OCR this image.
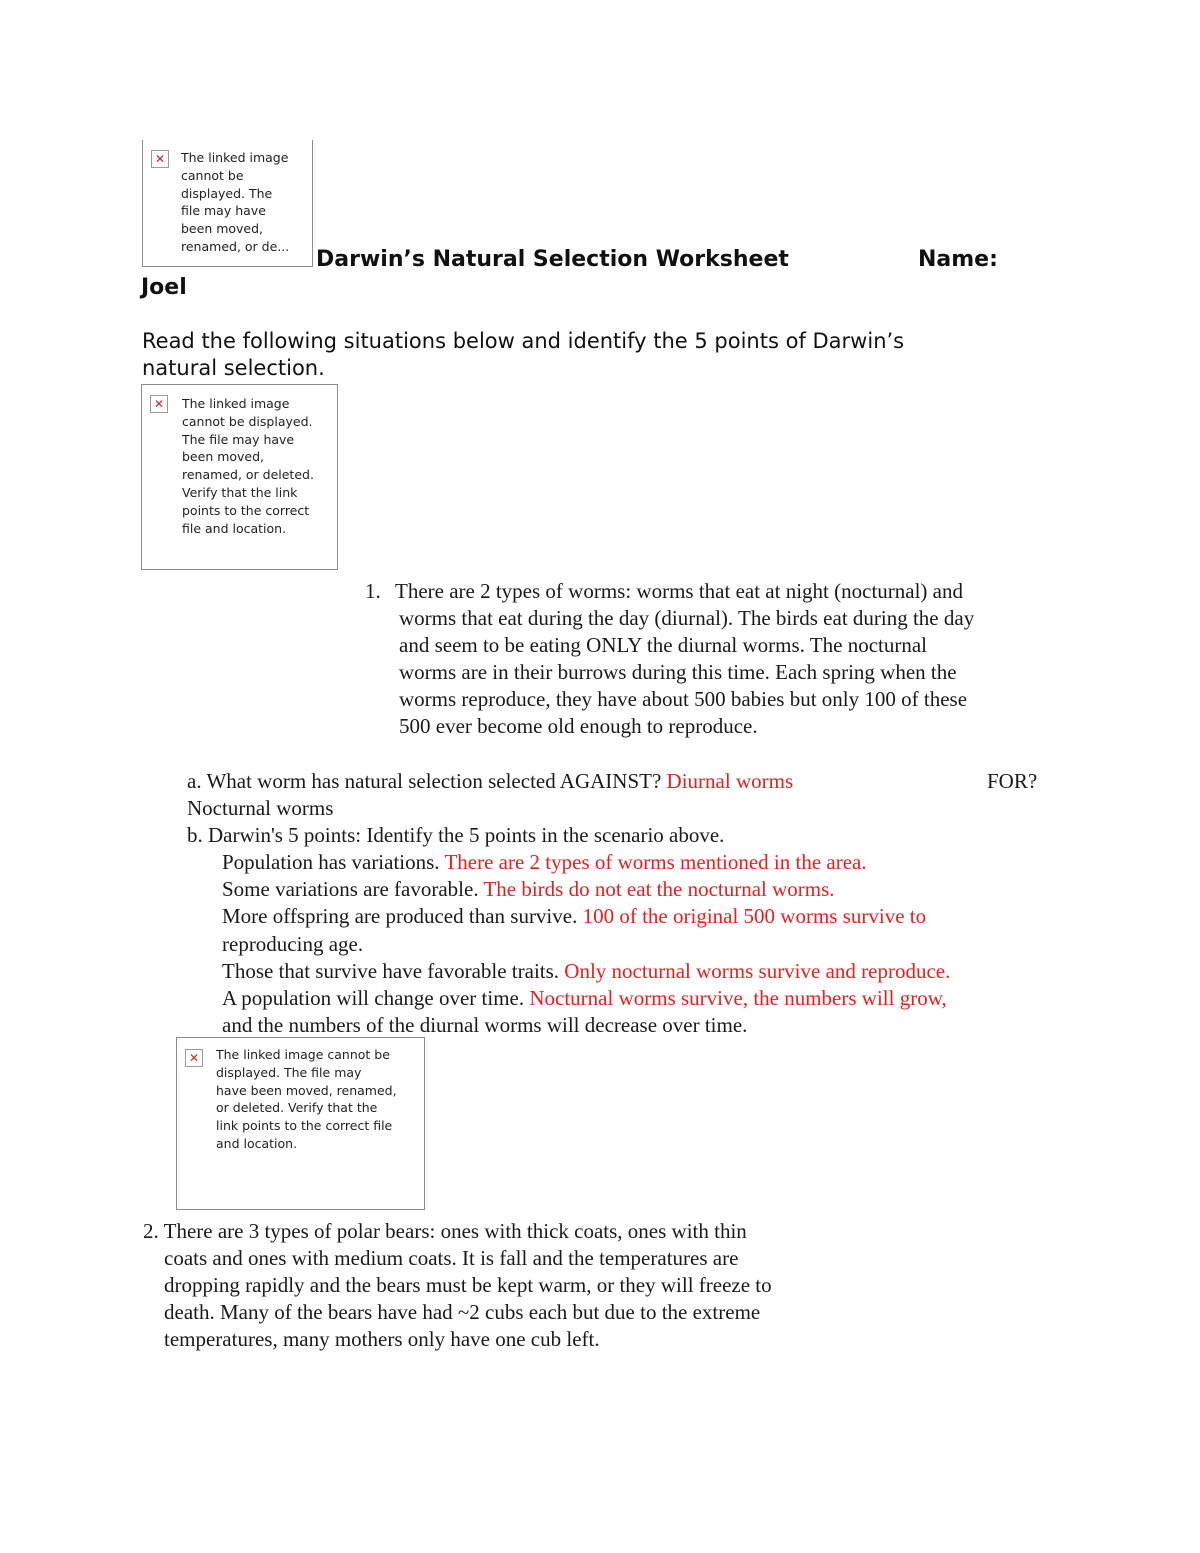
✕	The linked image
cannot be
displayed. The
file may have
been moved,
renamed, or de...
Darwin’s Natural Selection Worksheet	Name:
Joel
Read the following situations below and identify the 5 points of Darwin’s
natural selection.
✕	The linked image
cannot be displayed.
The file may have
been moved,
renamed, or deleted.
Verify that the link
points to the correct
file and location.
1. There are 2 types of worms: worms that eat at night (nocturnal) and
worms that eat during the day (diurnal). The birds eat during the day
and seem to be eating ONLY the diurnal worms. The nocturnal
worms are in their burrows during this time. Each spring when the
worms reproduce, they have about 500 babies but only 100 of these
500 ever become old enough to reproduce.
a. What worm has natural selection selected AGAINST? Diurnal worms	FOR?
Nocturnal worms
b. Darwin's 5 points: Identify the 5 points in the scenario above.
Population has variations. There are 2 types of worms mentioned in the area.
Some variations are favorable. The birds do not eat the nocturnal worms.
More offspring are produced than survive. 100 of the original 500 worms survive to
reproducing age.
Those that survive have favorable traits. Only nocturnal worms survive and reproduce.
A population will change over time. Nocturnal worms survive, the numbers will grow,
and the numbers of the diurnal worms will decrease over time.
✕	The linked image cannot be
displayed. The file may
have been moved, renamed,
or deleted. Verify that the
link points to the correct file
and location.
2. There are 3 types of polar bears: ones with thick coats, ones with thin
coats and ones with medium coats. It is fall and the temperatures are
dropping rapidly and the bears must be kept warm, or they will freeze to
death. Many of the bears have had ~2 cubs each but due to the extreme
temperatures, many mothers only have one cub left.
